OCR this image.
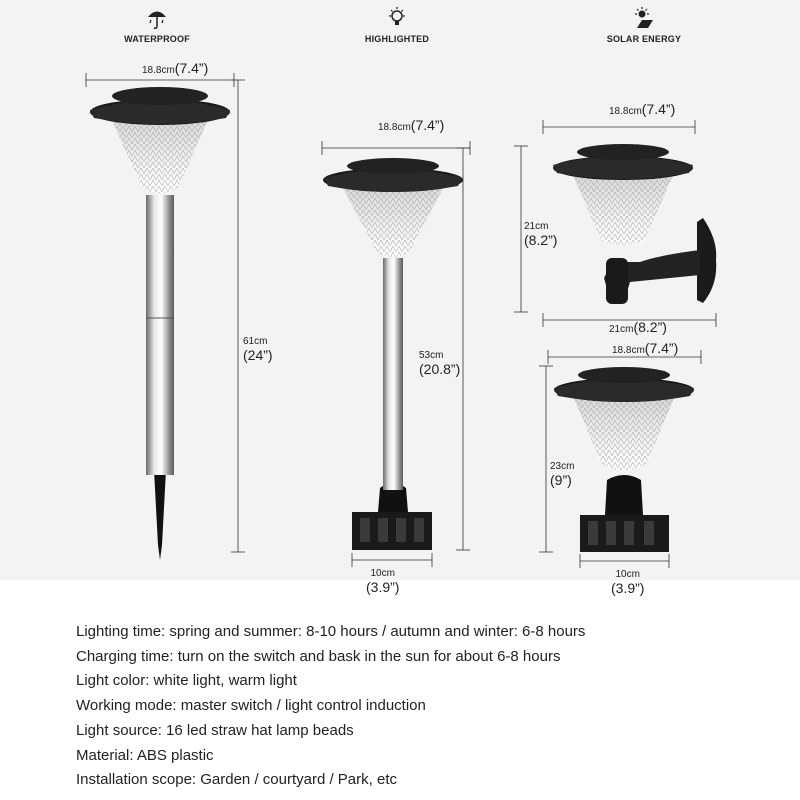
WATERPROOF	HIGHLIGHTED	SOLAR ENERGY
18.8cm(7.4”)
61cm
(24”)
18.8cm(7.4”)
53cm
(20.8”)
10cm
(3.9”)
18.8cm(7.4”)
21cm
(8.2”)
21cm(8.2”)
18.8cm(7.4”)
23cm
(9”)
10cm
(3.9”)
Lighting time: spring and summer: 8-10 hours / autumn and winter: 6-8 hours
Charging time: turn on the switch and bask in the sun for about 6-8 hours
Light color: white light, warm light
Working mode: master switch / light control induction
Light source: 16 led straw hat lamp beads
Material: ABS plastic
Installation scope: Garden / courtyard / Park, etc
